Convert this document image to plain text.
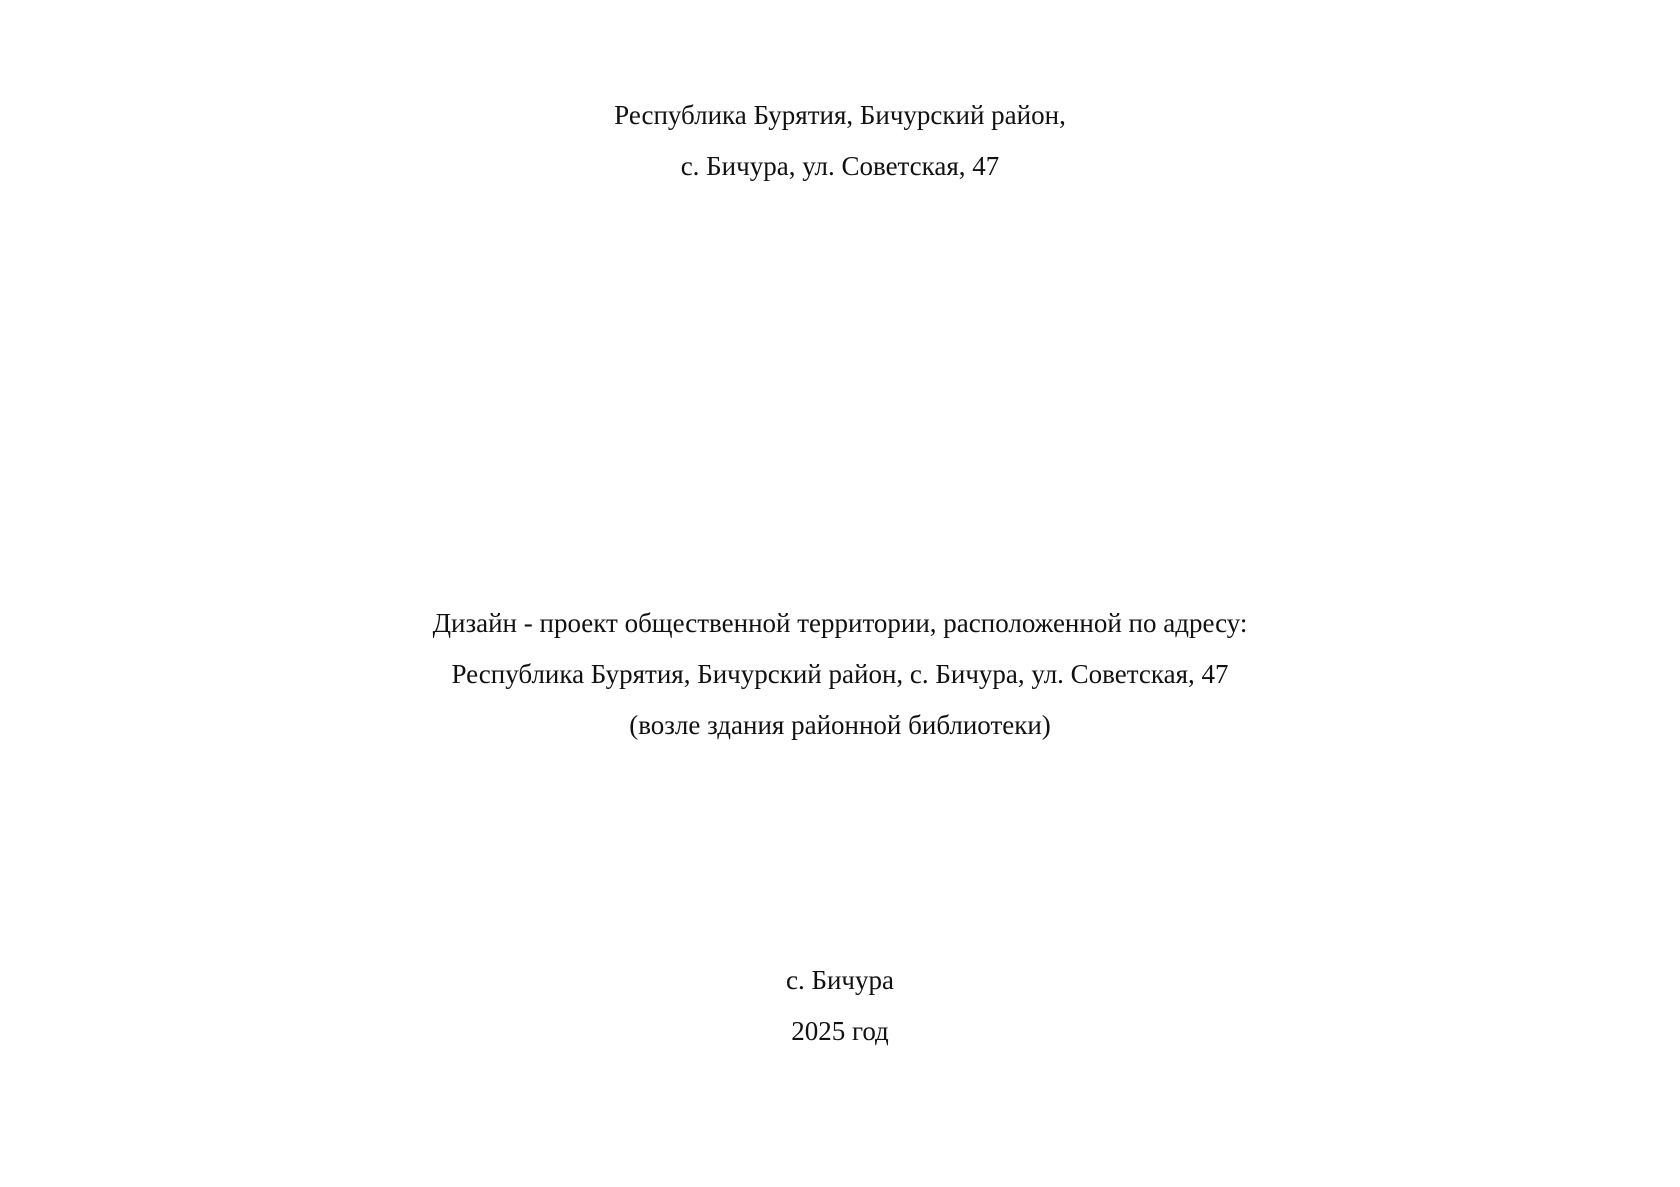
Республика Бурятия, Бичурский район,
с. Бичура, ул. Советская, 47
Дизайн - проект общественной территории, расположенной по адресу:
Республика Бурятия, Бичурский район, с. Бичура, ул. Советская, 47
(возле здания районной библиотеки)
с. Бичура
2025 год
